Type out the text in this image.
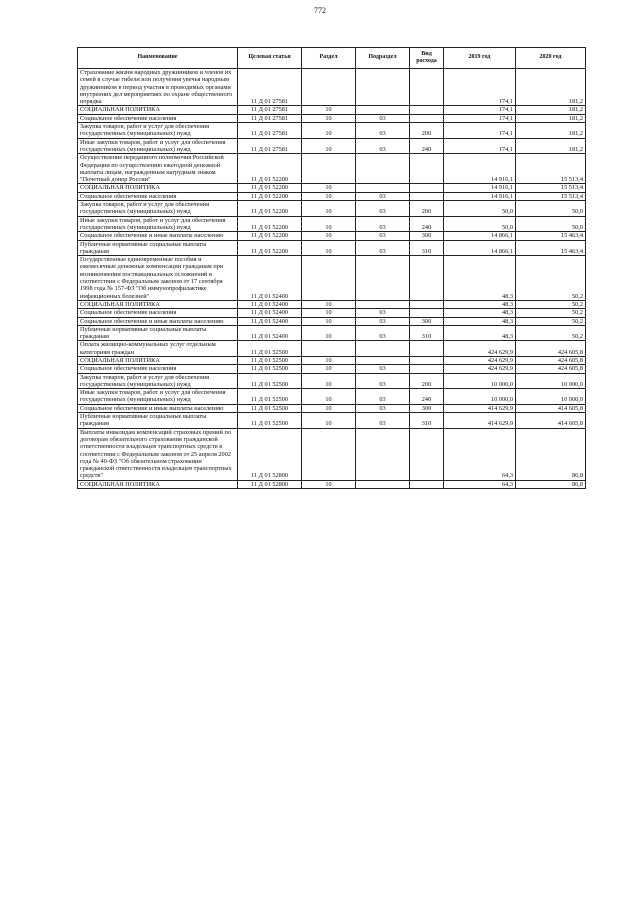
772
Наименование	Целевая статья	Раздел	Подраздел	Вид расхода	2019 год	2020 год
Страхование жизни народных дружинников и членов их семей в случае гибели или получения увечья народным дружинником в период участия в проводимых органами внутренних дел мероприятиях по охране общественного порядка	11 Д 01 27581				174,1	181,2
СОЦИАЛЬНАЯ ПОЛИТИКА	11 Д 01 27581	10			174,1	181,2
Социальное обеспечение населения	11 Д 01 27581	10	03		174,1	181,2
Закупка товаров, работ и услуг для обеспечения государственных (муниципальных) нужд	11 Д 01 27581	10	03	200	174,1	181,2
Иные закупки товаров, работ и услуг для обеспечения государственных (муниципальных) нужд	11 Д 01 27581	10	03	240	174,1	181,2
Осуществление переданного полномочия Российской Федерации по осуществлению ежегодной денежной выплаты лицам, награжденным нагрудным знаком "Почетный донор России"	11 Д 01 52200				14 916,1	15 513,4
СОЦИАЛЬНАЯ ПОЛИТИКА	11 Д 01 52200	10			14 916,1	15 513,4
Социальное обеспечение населения	11 Д 01 52200	10	03		14 916,1	15 513,4
Закупка товаров, работ и услуг для обеспечения государственных (муниципальных) нужд	11 Д 01 52200	10	03	200	50,0	50,0
Иные закупки товаров, работ и услуг для обеспечения государственных (муниципальных) нужд	11 Д 01 52200	10	03	240	50,0	50,0
Социальное обеспечение и иные выплаты населению	11 Д 01 52200	10	03	300	14 866,1	15 463,4
Публичные нормативные социальные выплаты гражданам	11 Д 01 52200	10	03	310	14 866,1	15 463,4
Государственные единовременные пособия и ежемесячные денежные компенсации гражданам при возникновении поствакцинальных осложнений в соответствии с Федеральным законом от 17 сентября 1998 года № 157-ФЗ "Об иммунопрофилактике инфекционных болезней"	11 Д 01 52400				48,3	50,2
СОЦИАЛЬНАЯ ПОЛИТИКА	11 Д 01 52400	10			48,3	50,2
Социальное обеспечение населения	11 Д 01 52400	10	03		48,3	50,2
Социальное обеспечение и иные выплаты населению	11 Д 01 52400	10	03	300	48,3	50,2
Публичные нормативные социальные выплаты гражданам	11 Д 01 52400	10	03	310	48,3	50,2
Оплата жилищно-коммунальных услуг отдельным категориям граждан	11 Д 01 52500				424 629,9	424 605,8
СОЦИАЛЬНАЯ ПОЛИТИКА	11 Д 01 52500	10			424 629,9	424 605,8
Социальное обеспечение населения	11 Д 01 52500	10	03		424 629,9	424 605,8
Закупка товаров, работ и услуг для обеспечения государственных (муниципальных) нужд	11 Д 01 52500	10	03	200	10 000,0	10 000,0
Иные закупки товаров, работ и услуг для обеспечения государственных (муниципальных) нужд	11 Д 01 52500	10	03	240	10 000,0	10 000,0
Социальное обеспечение и иные выплаты населению	11 Д 01 52500	10	03	300	414 629,9	414 605,8
Публичные нормативные социальные выплаты гражданам	11 Д 01 52500	10	03	310	414 629,9	414 605,8
Выплаты инвалидам компенсаций страховых премий по договорам обязательного страхования гражданской ответственности владельцев транспортных средств в соответствии с Федеральным законом от 25 апреля 2002 года № 40-ФЗ "Об обязательном страховании гражданской ответственности владельцев транспортных средств"	11 Д 01 52800				64,3	86,8
СОЦИАЛЬНАЯ ПОЛИТИКА	11 Д 01 52800	10			64,3	86,8
